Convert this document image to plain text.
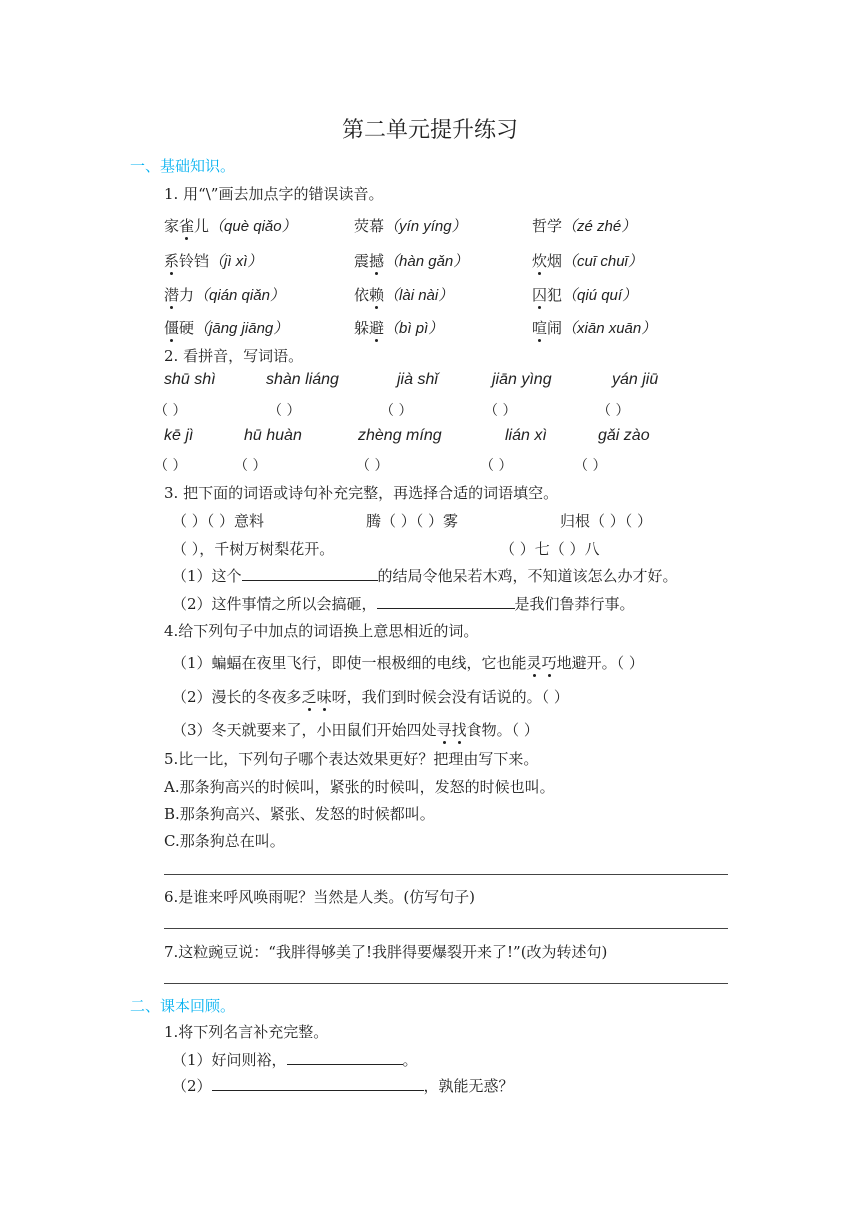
第二单元提升练习
一、基础知识。
1. 用“\”画去加点字的错误读音。
家雀儿（què qiǎo）	荧幕（yín yíng）	哲学（zé zhé）
系铃铛（jì xì）	震撼（hàn gǎn）	炊烟（cuī chuī）
潜力（qián qiǎn）	依赖（lài nài）	囚犯（qiú quí）
僵硬（jāng jiāng）	躲避（bì pì）	喧闹（xiān xuān）
2. 看拼音，写词语。
shū shì	shàn liáng	jià shǐ	jiān yìng	yán jiū
（ ）	（ ）	（ ）	（ ）	（ ）
kē jì	hū huàn	zhèng míng	lián xì	gǎi zào
（ ）	（ ）	（ ）	（ ）	（ ）
3. 把下面的词语或诗句补充完整，再选择合适的词语填空。
（ ）（ ）意料	腾（ ）（ ）雾	归根（ ）（ ）
（ ），千树万树梨花开。	（ ）七（ ）八
（1）这个	的结局令他呆若木鸡，不知道该怎么办才好。
（2）这件事情之所以会搞砸，	是我们鲁莽行事。
4.给下列句子中加点的词语换上意思相近的词。
（1）蝙蝠在夜里飞行，即使一根极细的电线，它也能灵巧地避开。（ ）
（2）漫长的冬夜多乏味呀，我们到时候会没有话说的。（ ）
（3）冬天就要来了，小田鼠们开始四处寻找食物。（ ）
5.比一比，下列句子哪个表达效果更好？把理由写下来。
A.那条狗高兴的时候叫，紧张的时候叫，发怒的时候也叫。
B.那条狗高兴、紧张、发怒的时候都叫。
C.那条狗总在叫。
6.是谁来呼风唤雨呢？当然是人类。(仿写句子)
7.这粒豌豆说：“我胖得够美了!我胖得要爆裂开来了!”(改为转述句)
二、课本回顾。
1.将下列名言补充完整。
（1）好问则裕，	。
（2）	，孰能无惑？
